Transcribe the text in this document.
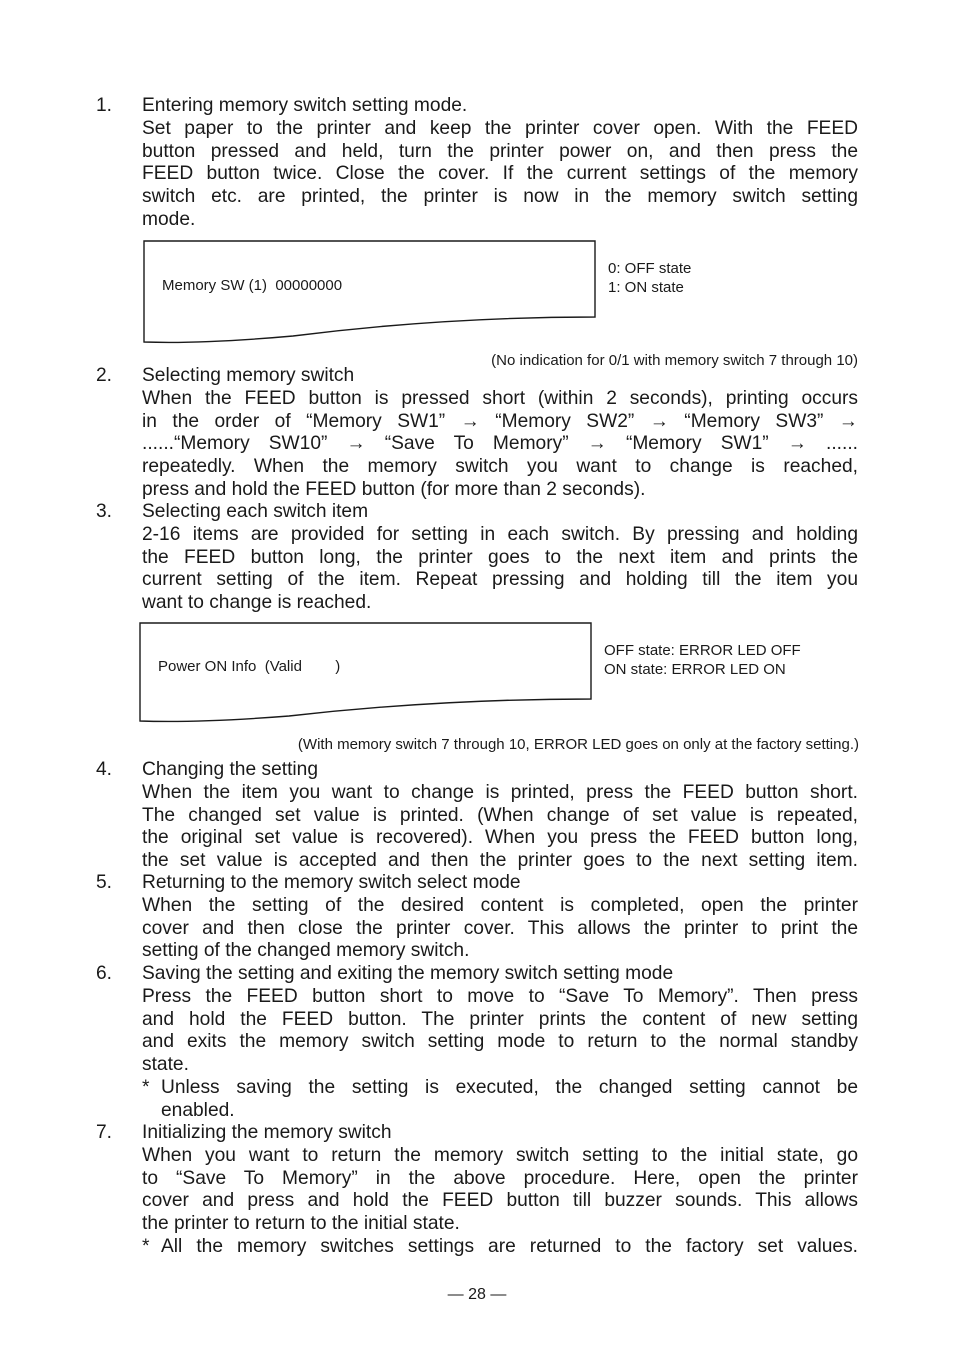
1. Entering memory switch setting mode.
Set paper to the printer and keep the printer cover open. With the FEED
button pressed and held, turn the printer power on, and then press the
FEED button twice. Close the cover. If the current settings of the memory
switch etc. are printed, the printer is now in the memory switch setting
mode.
Memory SW (1)  00000000
0: OFF state
1: ON state
(No indication for 0/1 with memory switch 7 through 10)
2. Selecting memory switch
When the FEED button is pressed short (within 2 seconds), printing occurs
in the order of “Memory SW1” → “Memory SW2” → “Memory SW3” →
......“Memory SW10” → “Save To Memory” → “Memory SW1” → ......
repeatedly. When the memory switch you want to change is reached,
press and hold the FEED button (for more than 2 seconds).
3. Selecting each switch item
2-16 items are provided for setting in each switch. By pressing and holding
the FEED button long, the printer goes to the next item and prints the
current setting of the item. Repeat pressing and holding till the item you
want to change is reached.
Power ON Info  (Valid        )
OFF state: ERROR LED OFF
ON state: ERROR LED ON
(With memory switch 7 through 10, ERROR LED goes on only at the factory setting.)
4. Changing the setting
When the item you want to change is printed, press the FEED button short.
The changed set value is printed. (When change of set value is repeated,
the original set value is recovered). When you press the FEED button long,
the set value is accepted and then the printer goes to the next setting item.
5. Returning to the memory switch select mode
When the setting of the desired content is completed, open the printer
cover and then close the printer cover. This allows the printer to print the
setting of the changed memory switch.
6. Saving the setting and exiting the memory switch setting mode
Press the FEED button short to move to “Save To Memory”. Then press
and hold the FEED button. The printer prints the content of new setting
and exits the memory switch setting mode to return to the normal standby
state.
* Unless saving the setting is executed, the changed setting cannot be
enabled.
7. Initializing the memory switch
When you want to return the memory switch setting to the initial state, go
to “Save To Memory” in the above procedure. Here, open the printer
cover and press and hold the FEED button till buzzer sounds. This allows
the printer to return to the initial state.
* All the memory switches settings are returned to the factory set values.
— 28 —
